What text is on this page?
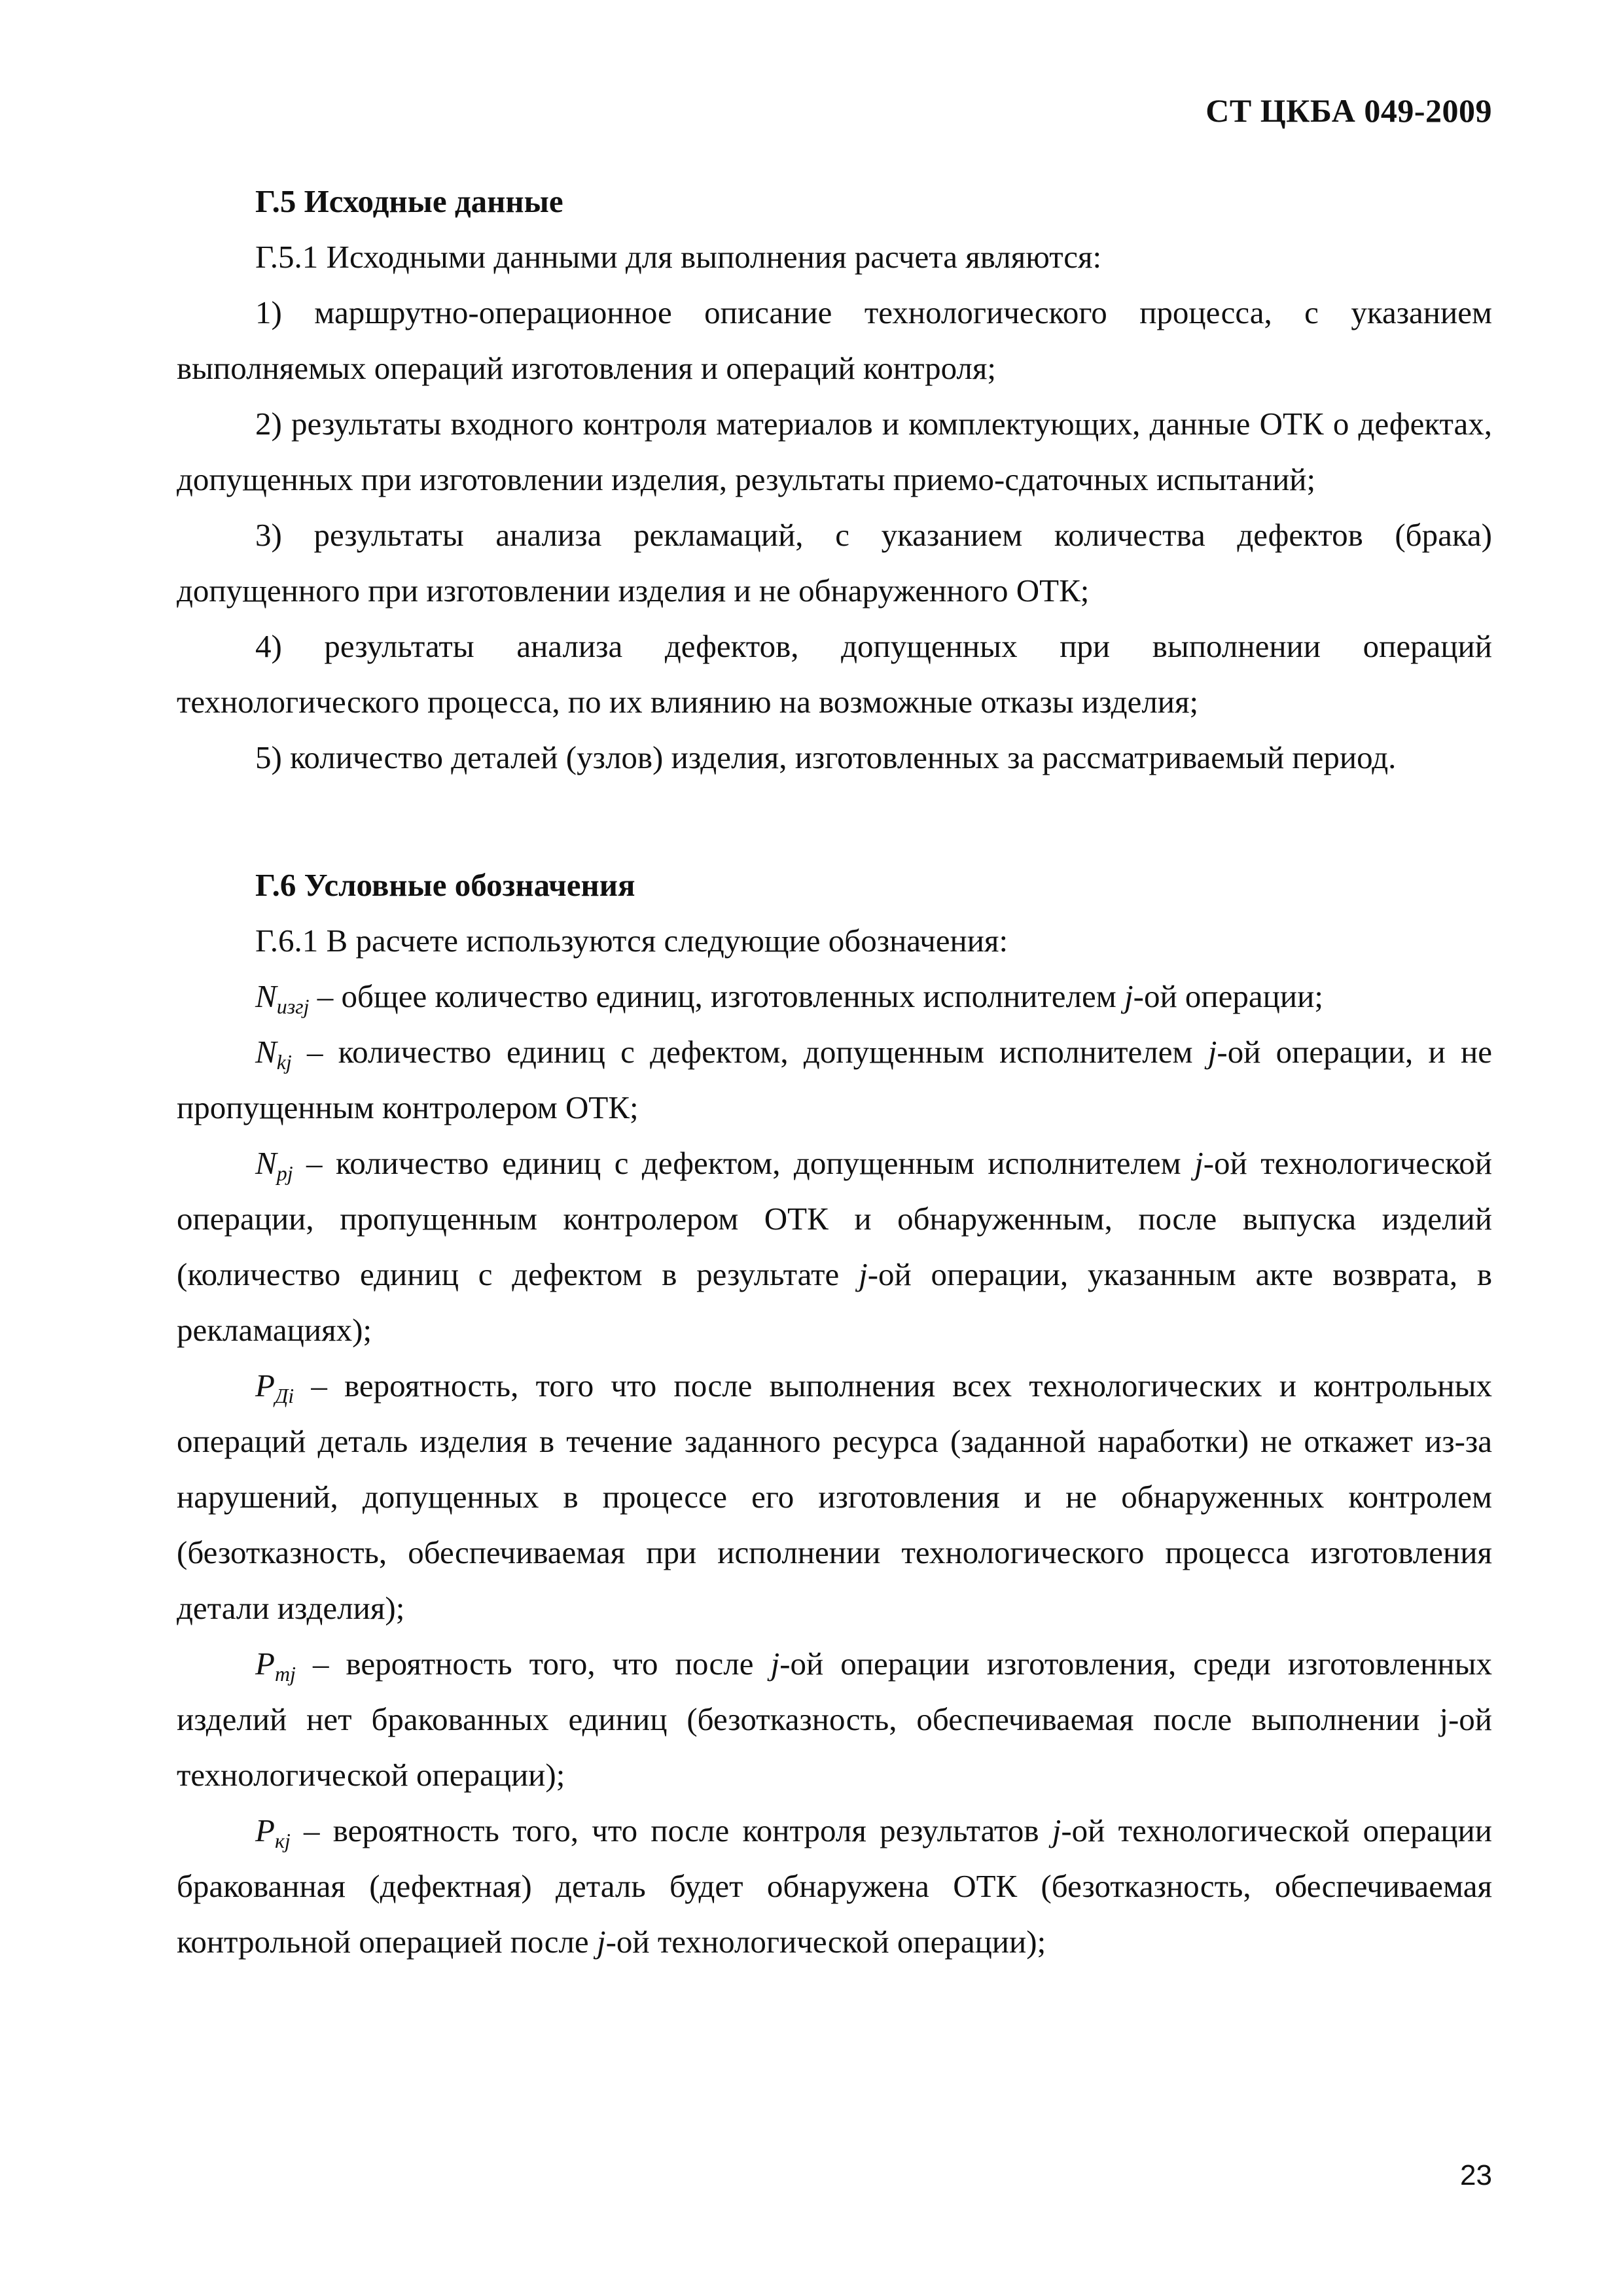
СТ ЦКБА 049-2009
Г.5 Исходные данные

Г.5.1 Исходными данными для выполнения расчета являются:

1) маршрутно-операционное описание технологического процесса, с указанием выполняемых операций изготовления и операций контроля;

2) результаты входного контроля материалов и комплектующих, данные ОТК о дефектах, допущенных при изготовлении изделия, результаты приемо-сдаточных испытаний;

3) результаты анализа рекламаций, с указанием количества дефектов (брака) допущенного при изготовлении изделия и не обнаруженного ОТК;

4) результаты анализа дефектов, допущенных при выполнении операций технологического процесса, по их влиянию на возможные отказы изделия;

5) количество деталей (узлов) изделия, изготовленных за рассматриваемый период.

Г.6 Условные обозначения

Г.6.1 В расчете используются следующие обозначения:

$N_{изгj}$ – общее количество единиц, изготовленных исполнителем j-ой операции;

$N_{kj}$ – количество единиц с дефектом, допущенным исполнителем j-ой операции, и не пропущенным контролером ОТК;

$N_{pj}$ – количество единиц с дефектом, допущенным исполнителем j-ой технологической операции, пропущенным контролером ОТК и обнаруженным, после выпуска изделий (количество единиц с дефектом в результате j-ой операции, указанным акте возврата, в рекламациях);

$P_{Дi}$ – вероятность, того что после выполнения всех технологических и контрольных операций деталь изделия в течение заданного ресурса (заданной наработки) не откажет из-за нарушений, допущенных в процессе его изготовления и не обнаруженных контролем (безотказность, обеспечиваемая при исполнении технологического процесса изготовления детали изделия);

$P_{тj}$ – вероятность того, что после j-ой операции изготовления, среди изготовленных изделий нет бракованных единиц (безотказность, обеспечиваемая после выполнении j-ой технологической операции);

$P_{кj}$ – вероятность того, что после контроля результатов j-ой технологической операции бракованная (дефектная) деталь будет обнаружена ОТК (безотказность, обеспечиваемая контрольной операцией после j-ой технологической операции);

23
